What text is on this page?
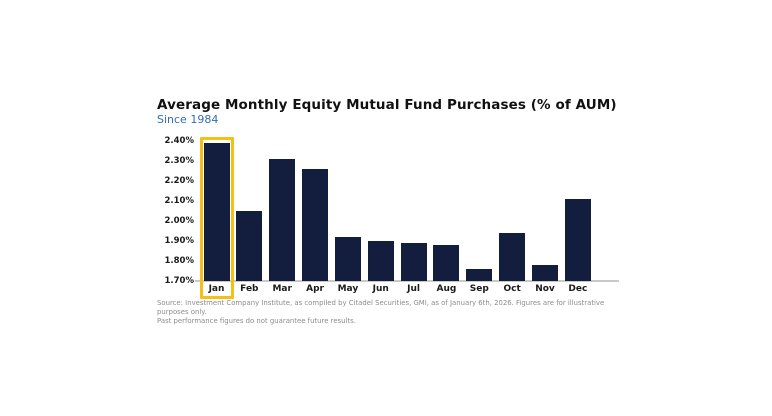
Average Monthly Equity Mutual Fund Purchases (% of AUM)
Since 1984
1.70%
1.80%
1.90%
2.00%
2.10%
2.20%
2.30%
2.40%
Jan	Feb	Mar	Apr	May	Jun	Jul	Aug	Sep	Oct	Nov	Dec
Source: Investment Company Institute, as compiled by Citadel Securities, GMI, as of January 6th, 2026. Figures are for illustrative purposes only.
Past performance figures do not guarantee future results.
